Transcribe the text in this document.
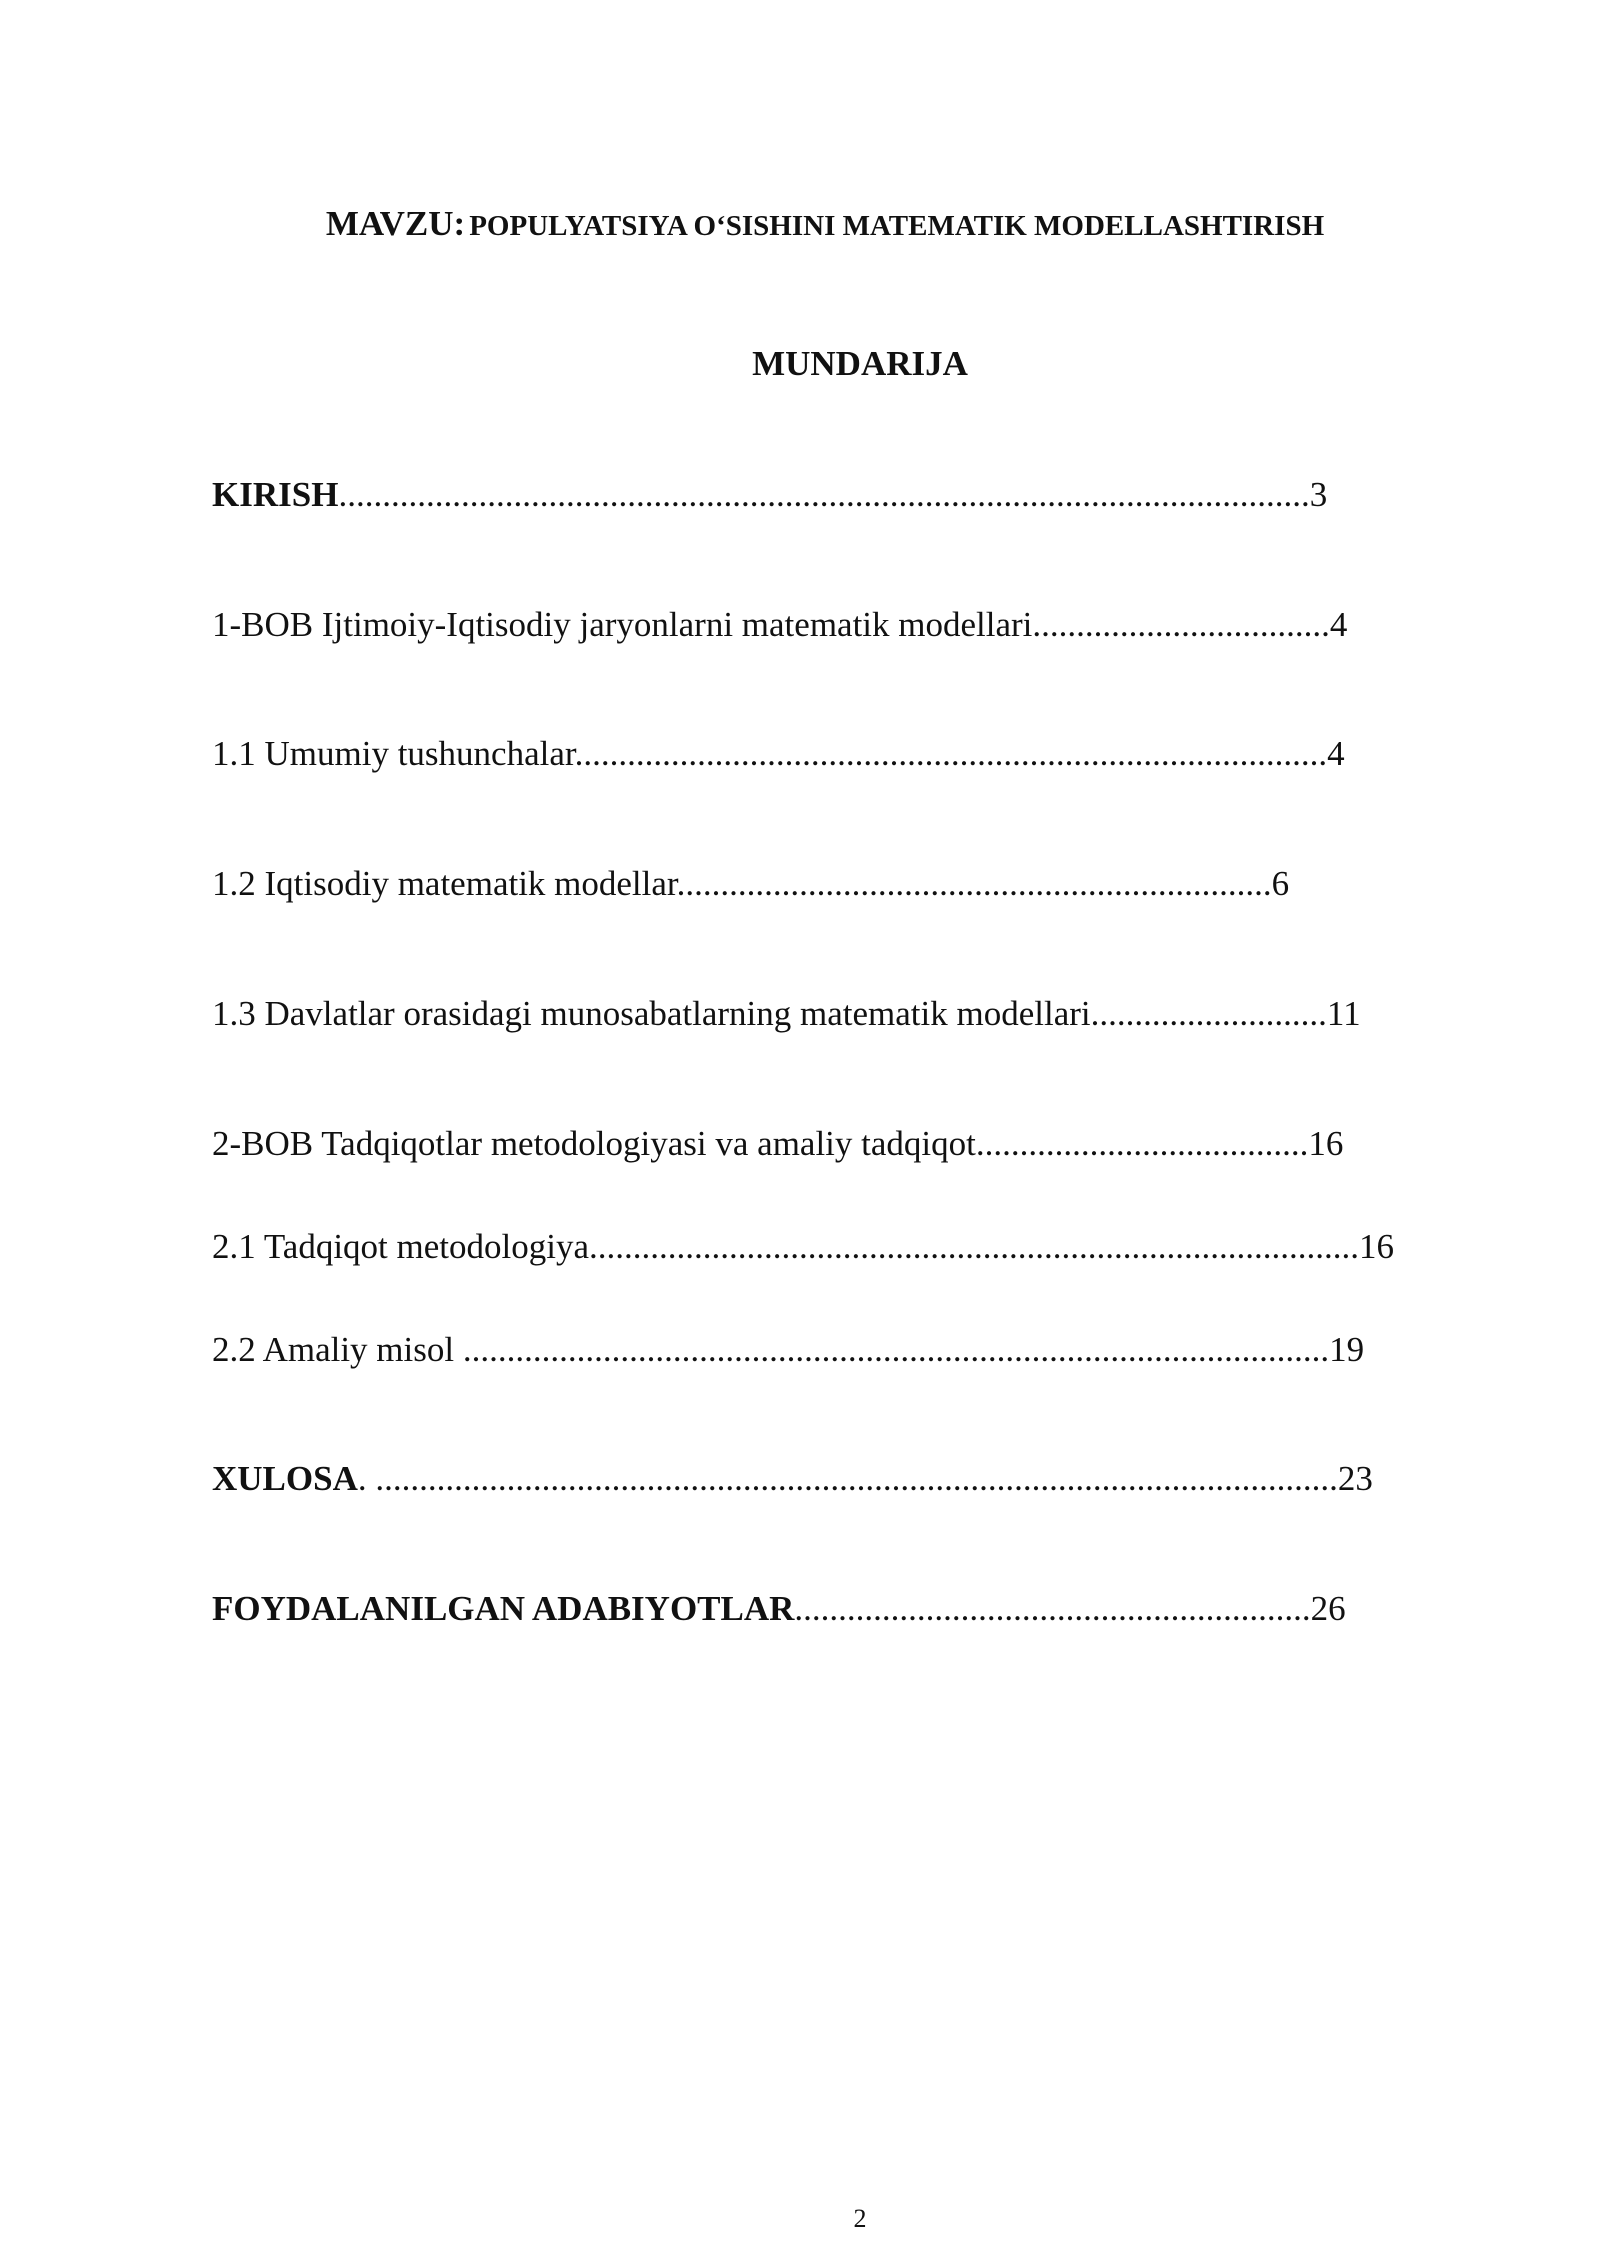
MAVZU: POPULYATSIYA O‘SISHINI MATEMATIK MODELLASHTIRISH
MUNDARIJA
KIRISH...............................................................................................................3
1-BOB Ijtimoiy-Iqtisodiy jaryonlarni matematik modellari..................................4
1.1 Umumiy tushunchalar......................................................................................4
1.2 Iqtisodiy matematik modellar....................................................................6
1.3 Davlatlar orasidagi munosabatlarning matematik modellari...........................11
2-BOB Tadqiqotlar metodologiyasi va amaliy tadqiqot......................................16
2.1 Tadqiqot metodologiya........................................................................................16
2.2 Amaliy misol ...................................................................................................19
XULOSA. ..............................................................................................................23
FOYDALANILGAN ADABIYOTLAR...........................................................26
2
